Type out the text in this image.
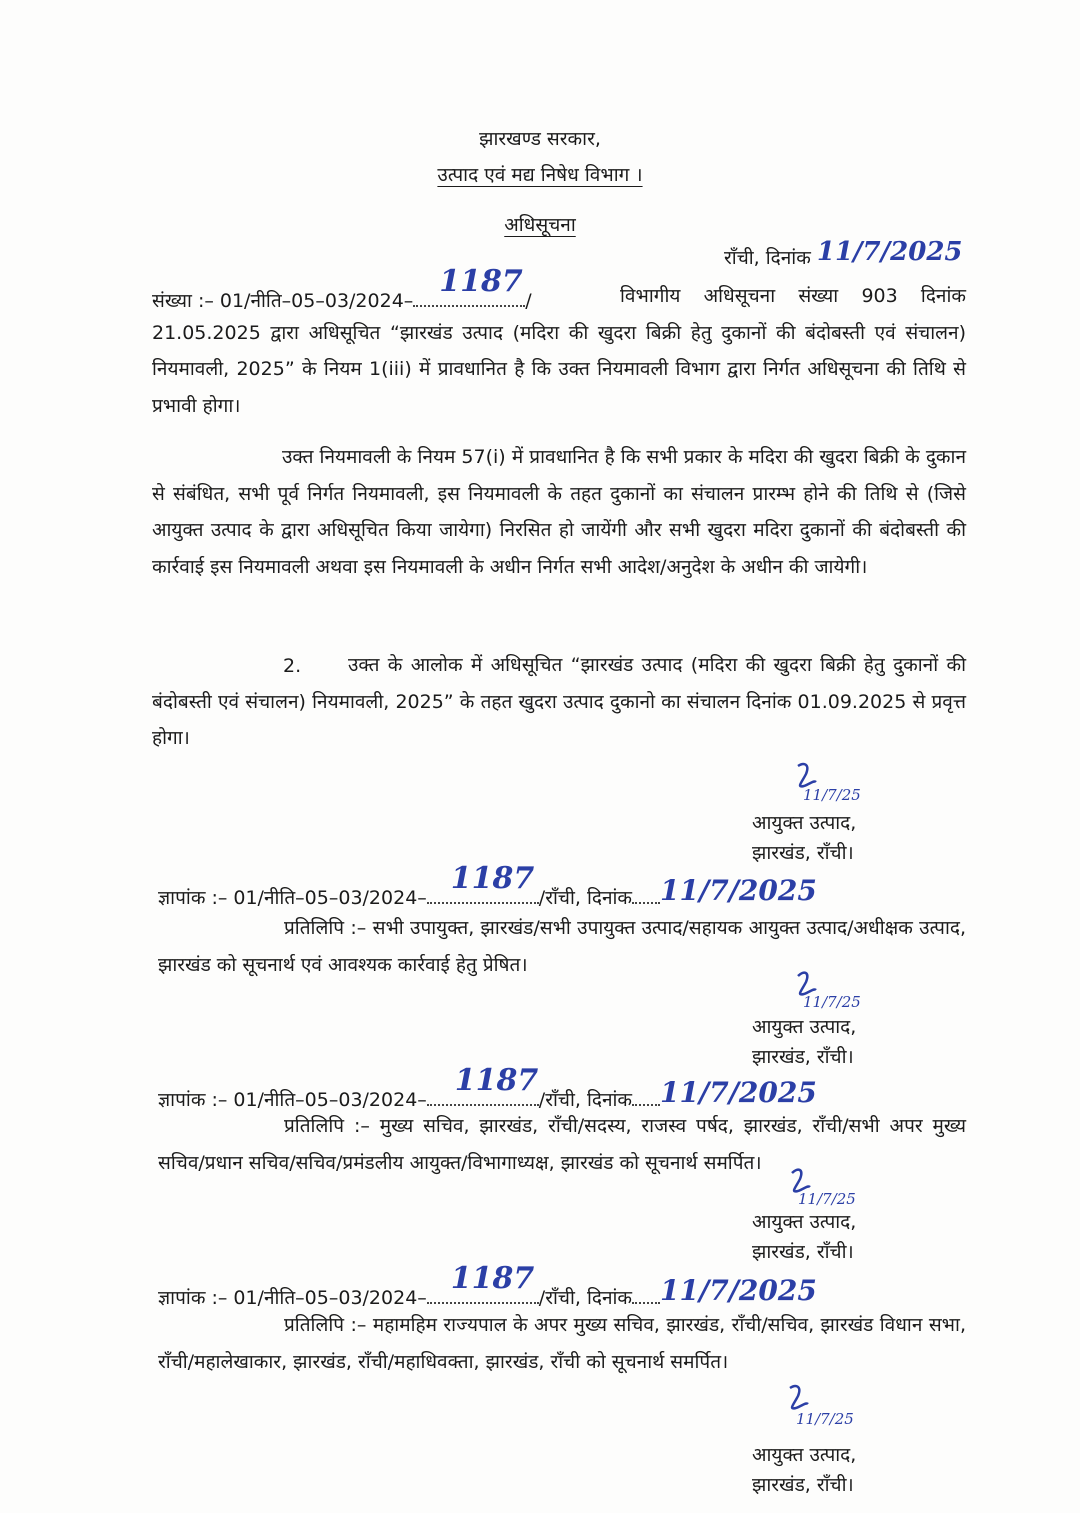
झारखण्ड सरकार,
उत्पाद एवं मद्य निषेध विभाग ।
अधिसूचना
राँची, दिनांक 11/7/2025
संख्या :– 01/नीति–05–03/2024–
1187
/	विभागीय अधिसूचना संख्या 903 दिनांक 21.05.2025 द्वारा अधिसूचित “झारखंड उत्पाद (मदिरा की खुदरा बिक्री हेतु दुकानों की बंदोबस्ती एवं संचालन) नियमावली, 2025” के नियम 1(iii) में प्रावधानित है कि उक्त नियमावली विभाग द्वारा निर्गत अधिसूचना की तिथि से प्रभावी होगा।
उक्त नियमावली के नियम 57(i) में प्रावधानित है कि सभी प्रकार के मदिरा की खुदरा बिक्री के दुकान से संबंधित, सभी पूर्व निर्गत नियमावली, इस नियमावली के तहत दुकानों का संचालन प्रारम्भ होने की तिथि से (जिसे आयुक्त उत्पाद के द्वारा अधिसूचित किया जायेगा) निरसित हो जायेंगी और सभी खुदरा मदिरा दुकानों की बंदोबस्ती की कार्रवाई इस नियमावली अथवा इस नियमावली के अधीन निर्गत सभी आदेश/अनुदेश के अधीन की जायेगी।
2.	उक्त के आलोक में अधिसूचित “झारखंड उत्पाद (मदिरा की खुदरा बिक्री हेतु दुकानों की बंदोबस्ती एवं संचालन) नियमावली, 2025” के तहत खुदरा उत्पाद दुकानो का संचालन दिनांक 01.09.2025 से प्रवृत्त होगा।
11/7/25
आयुक्त उत्पाद,
झारखंड, राँची।
ज्ञापांक :– 01/नीति–05–03/2024–
1187
/राँची, दिनांक 11/7/2025
प्रतिलिपि :– सभी उपायुक्त, झारखंड/सभी उपायुक्त उत्पाद/सहायक आयुक्त उत्पाद/अधीक्षक उत्पाद, झारखंड को सूचनार्थ एवं आवश्यक कार्रवाई हेतु प्रेषित।
11/7/25
आयुक्त उत्पाद,
झारखंड, राँची।
ज्ञापांक :– 01/नीति–05–03/2024–
1187
/राँची, दिनांक 11/7/2025
प्रतिलिपि :– मुख्य सचिव, झारखंड, राँची/सदस्य, राजस्व पर्षद, झारखंड, राँची/सभी अपर मुख्य सचिव/प्रधान सचिव/सचिव/प्रमंडलीय आयुक्त/विभागाध्यक्ष, झारखंड को सूचनार्थ समर्पित।
11/7/25
आयुक्त उत्पाद,
झारखंड, राँची।
ज्ञापांक :– 01/नीति–05–03/2024–
1187
/राँची, दिनांक 11/7/2025
प्रतिलिपि :– महामहिम राज्यपाल के अपर मुख्य सचिव, झारखंड, राँची/सचिव, झारखंड विधान सभा, राँची/महालेखाकार, झारखंड, राँची/महाधिवक्ता, झारखंड, राँची को सूचनार्थ समर्पित।
11/7/25
आयुक्त उत्पाद,
झारखंड, राँची।
